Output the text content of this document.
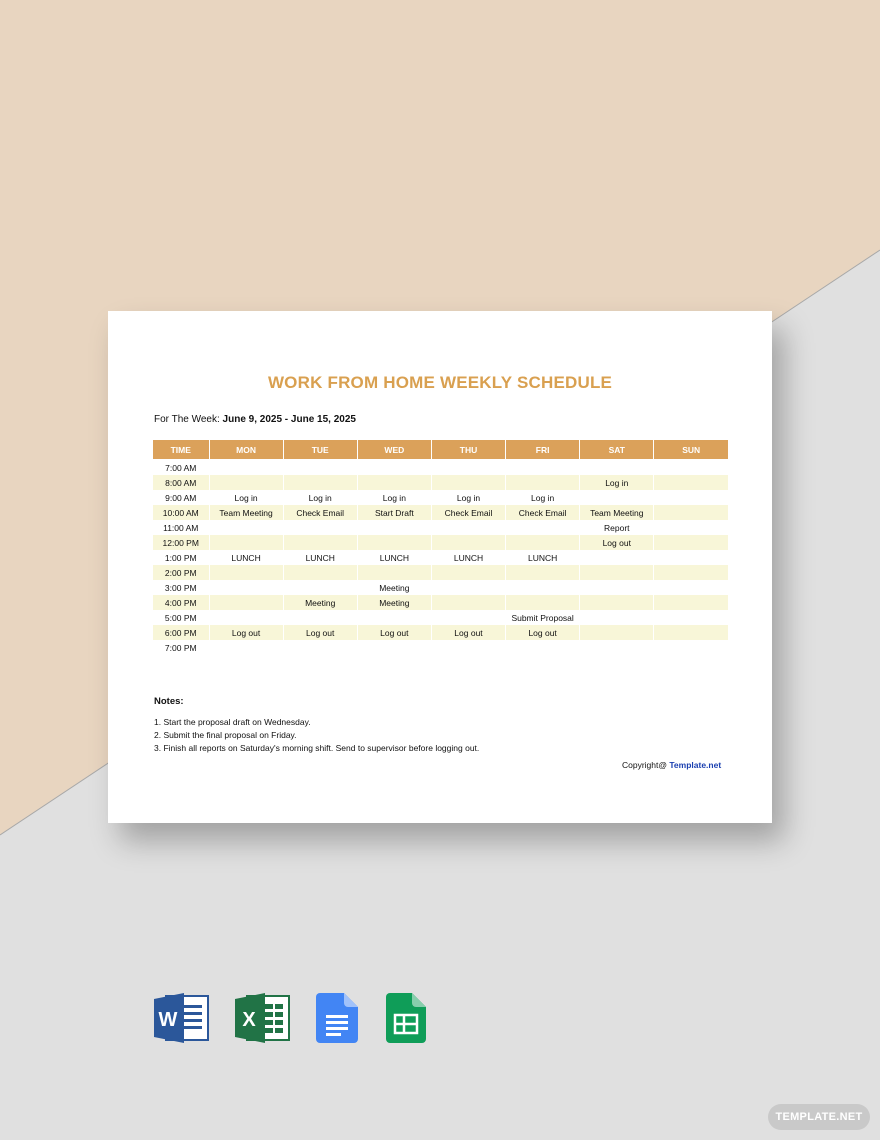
WORK FROM HOME WEEKLY SCHEDULE
For The Week: June 9, 2025 - June 15, 2025
TIME	MON	TUE	WED	THU	FRI	SAT	SUN
7:00 AM							
8:00 AM						Log in	
9:00 AM	Log in	Log in	Log in	Log in	Log in		
10:00 AM	Team Meeting	Check Email	Start Draft	Check Email	Check Email	Team Meeting	
11:00 AM						Report	
12:00 PM						Log out	
1:00 PM	LUNCH	LUNCH	LUNCH	LUNCH	LUNCH		
2:00 PM							
3:00 PM			Meeting				
4:00 PM		Meeting	Meeting				
5:00 PM					Submit Proposal		
6:00 PM	Log out	Log out	Log out	Log out	Log out		
7:00 PM							
Notes:
1. Start the proposal draft on Wednesday.
2. Submit the final proposal on Friday.
3. Finish all reports on Saturday's morning shift. Send to supervisor before logging out.
Copyright@ Template.net
W	X
TEMPLATE.NET
